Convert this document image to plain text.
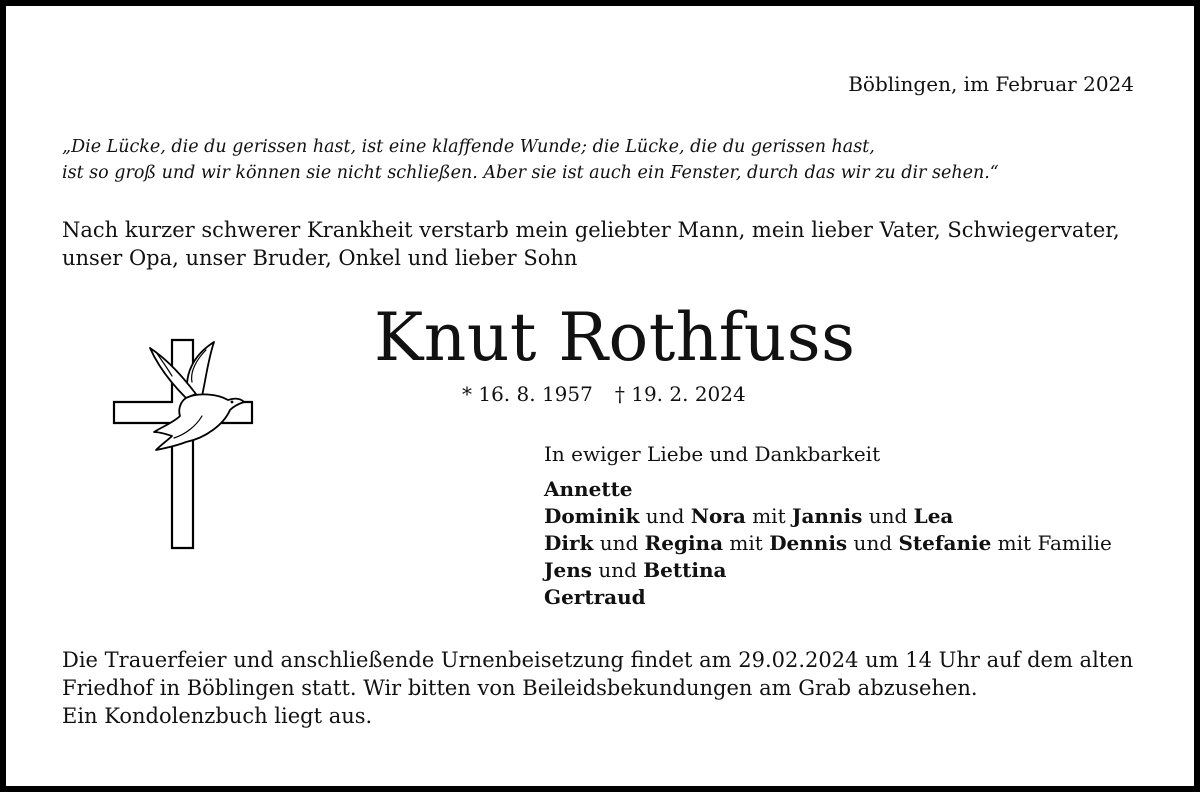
Böblingen, im Februar 2024
„Die Lücke, die du gerissen hast, ist eine klaffende Wunde; die Lücke, die du gerissen hast,
ist so groß und wir können sie nicht schließen. Aber sie ist auch ein Fenster, durch das wir zu dir sehen.“
Nach kurzer schwerer Krankheit verstarb mein geliebter Mann, mein lieber Vater, Schwiegervater,
unser Opa, unser Bruder, Onkel und lieber Sohn
Knut Rothfuss
* 16. 8. 1957 † 19. 2. 2024
In ewiger Liebe und Dankbarkeit
Annette
Dominik und Nora mit Jannis und Lea
Dirk und Regina mit Dennis und Stefanie mit Familie
Jens und Bettina
Gertraud
Die Trauerfeier und anschließende Urnenbeisetzung findet am 29.02.2024 um 14 Uhr auf dem alten
Friedhof in Böblingen statt. Wir bitten von Beileidsbekundungen am Grab abzusehen.
Ein Kondolenzbuch liegt aus.
